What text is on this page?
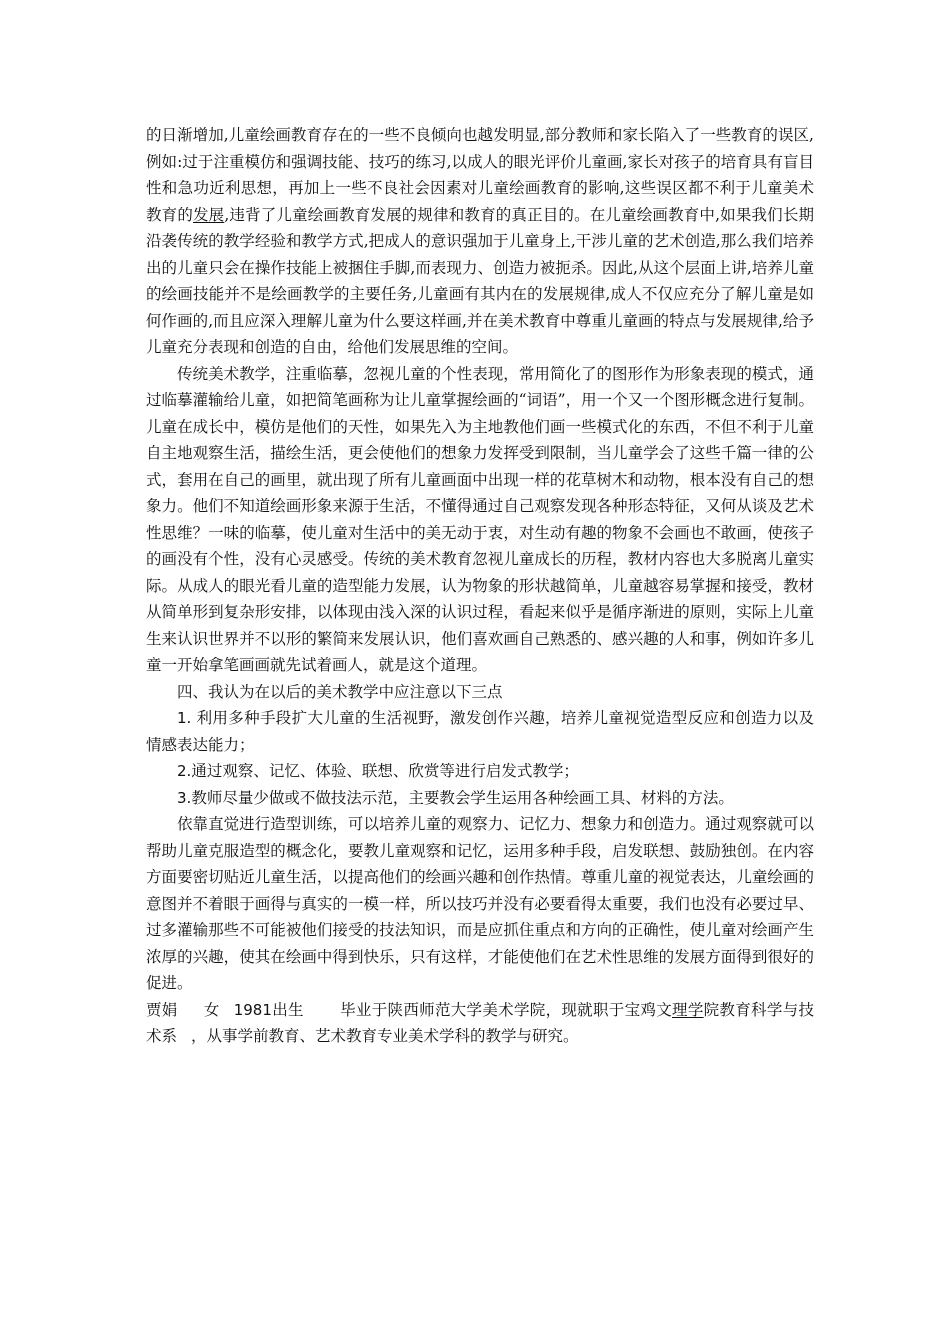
的日渐增加,儿童绘画教育存在的一些不良倾向也越发明显,部分教师和家长陷入了一些教育的误区,例如:过于注重模仿和强调技能、技巧的练习,以成人的眼光评价儿童画,家长对孩子的培育具有盲目性和急功近利思想，再加上一些不良社会因素对儿童绘画教育的影响,这些误区都不利于儿童美术教育的发展,违背了儿童绘画教育发展的规律和教育的真正目的。在儿童绘画教育中,如果我们长期沿袭传统的教学经验和教学方式,把成人的意识强加于儿童身上,干涉儿童的艺术创造,那么我们培养出的儿童只会在操作技能上被捆住手脚,而表现力、创造力被扼杀。因此,从这个层面上讲,培养儿童的绘画技能并不是绘画教学的主要任务,儿童画有其内在的发展规律,成人不仅应充分了解儿童是如何作画的,而且应深入理解儿童为什么要这样画,并在美术教育中尊重儿童画的特点与发展规律,给予儿童充分表现和创造的自由，给他们发展思维的空间。

传统美术教学，注重临摹，忽视儿童的个性表现，常用简化了的图形作为形象表现的模式，通过临摹灌输给儿童，如把简笔画称为让儿童掌握绘画的“词语”，用一个又一个图形概念进行复制。儿童在成长中，模仿是他们的天性，如果先入为主地教他们画一些模式化的东西，不但不利于儿童自主地观察生活，描绘生活，更会使他们的想象力发挥受到限制，当儿童学会了这些千篇一律的公式，套用在自己的画里，就出现了所有儿童画面中出现一样的花草树木和动物，根本没有自己的想象力。他们不知道绘画形象来源于生活，不懂得通过自己观察发现各种形态特征，又何从谈及艺术性思维？一味的临摹，使儿童对生活中的美无动于衷，对生动有趣的物象不会画也不敢画，使孩子的画没有个性，没有心灵感受。传统的美术教育忽视儿童成长的历程，教材内容也大多脱离儿童实际。从成人的眼光看儿童的造型能力发展，认为物象的形状越简单，儿童越容易掌握和接受，教材从简单形到复杂形安排，以体现由浅入深的认识过程，看起来似乎是循序渐进的原则，实际上儿童生来认识世界并不以形的繁简来发展认识，他们喜欢画自己熟悉的、感兴趣的人和事，例如许多儿童一开始拿笔画画就先试着画人，就是这个道理。

四、我认为在以后的美术教学中应注意以下三点

1. 利用多种手段扩大儿童的生活视野，激发创作兴趣，培养儿童视觉造型反应和创造力以及情感表达能力；

2.通过观察、记忆、体验、联想、欣赏等进行启发式教学；

3.教师尽量少做或不做技法示范，主要教会学生运用各种绘画工具、材料的方法。

依靠直觉进行造型训练，可以培养儿童的观察力、记忆力、想象力和创造力。通过观察就可以帮助儿童克服造型的概念化，要教儿童观察和记忆，运用多种手段，启发联想、鼓励独创。在内容方面要密切贴近儿童生活，以提高他们的绘画兴趣和创作热情。尊重儿童的视觉表达，儿童绘画的意图并不着眼于画得与真实的一模一样，所以技巧并没有必要看得太重要，我们也没有必要过早、过多灌输那些不可能被他们接受的技法知识，而是应抓住重点和方向的正确性，使儿童对绘画产生浓厚的兴趣，使其在绘画中得到快乐，只有这样，才能使他们在艺术性思维的发展方面得到很好的促进。

贾娟 女 1981出生 毕业于陕西师范大学美术学院，现就职于宝鸡文理学院教育科学与技术系 ，从事学前教育、艺术教育专业美术学科的教学与研究。
